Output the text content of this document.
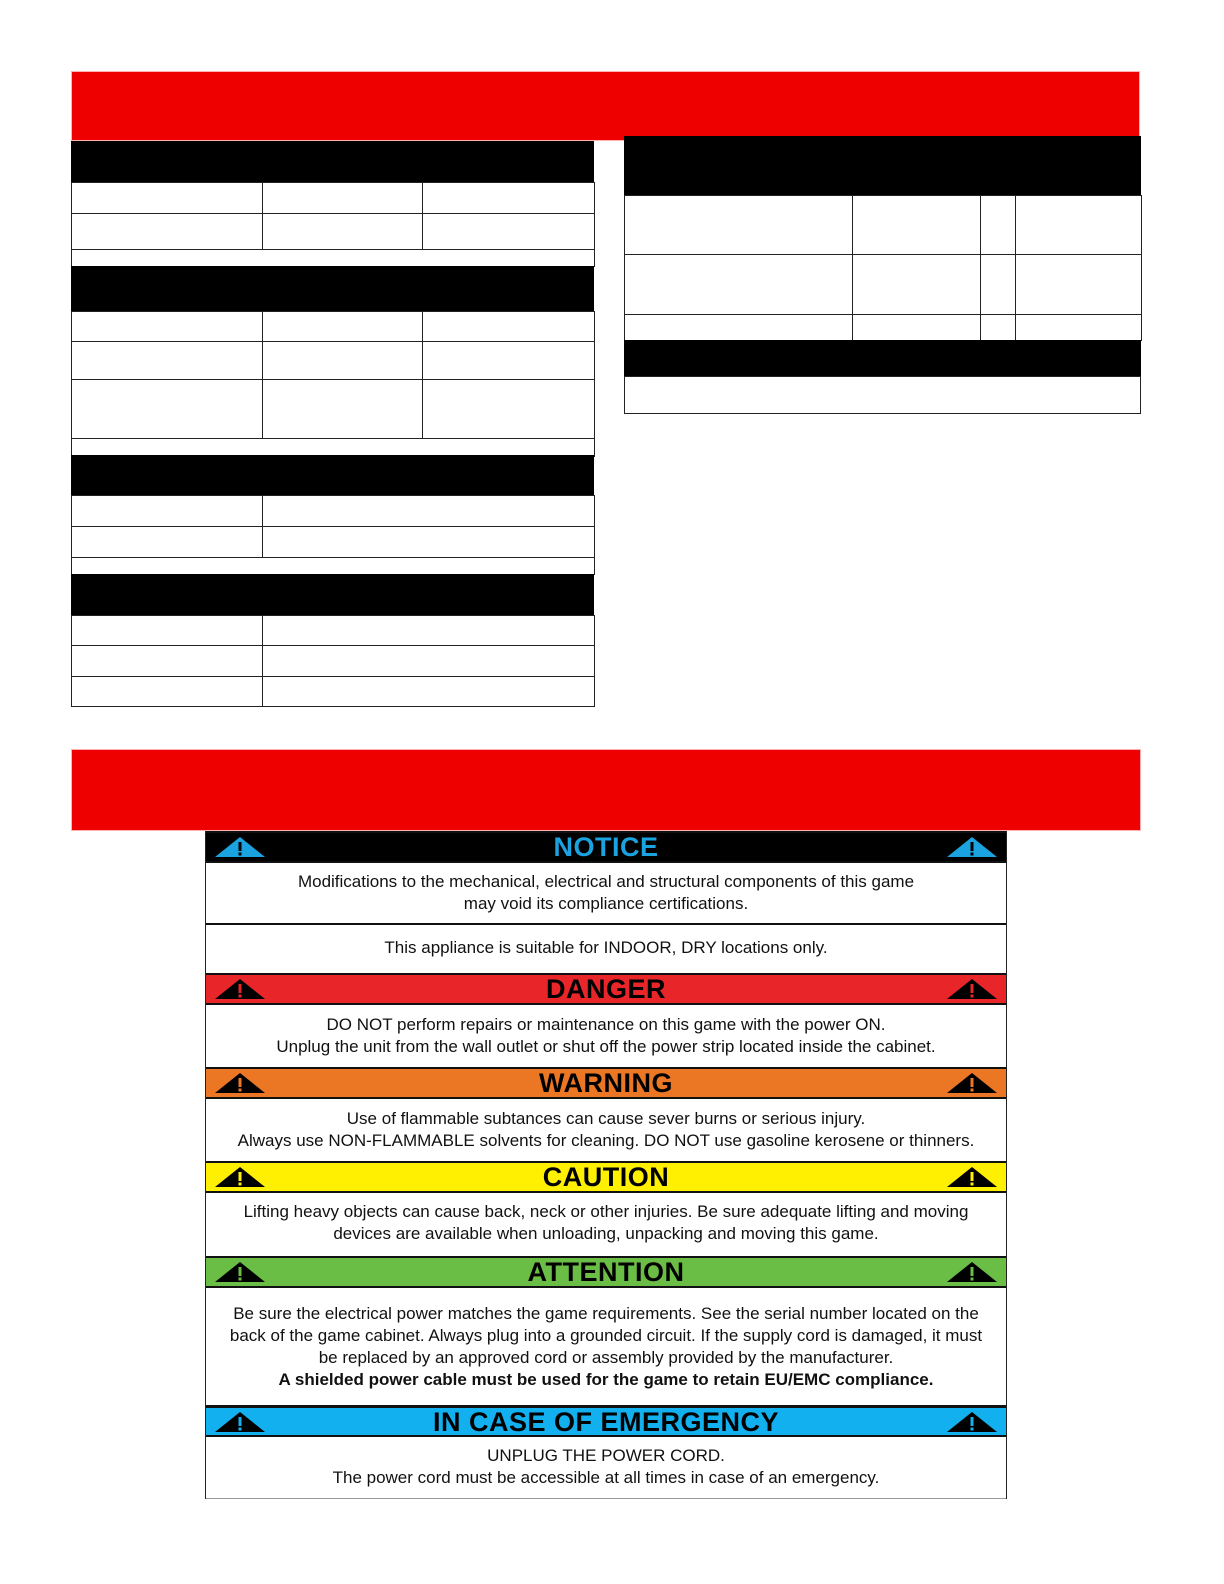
NOTICE
Modifications to the mechanical, electrical and structural components of this game
may void its compliance certifications.
This appliance is suitable for INDOOR, DRY locations only.
DANGER
DO NOT perform repairs or maintenance on this game with the power ON.
Unplug the unit from the wall outlet or shut off the power strip located inside the cabinet.
WARNING
Use of flammable subtances can cause sever burns or serious injury.
Always use NON-FLAMMABLE solvents for cleaning. DO NOT use gasoline kerosene or thinners.
CAUTION
Lifting heavy objects can cause back, neck or other injuries. Be sure adequate lifting and moving
devices are available when unloading, unpacking and moving this game.
ATTENTION
Be sure the electrical power matches the game requirements. See the serial number located on the
back of the game cabinet. Always plug into a grounded circuit. If the supply cord is damaged, it must
be replaced by an approved cord or assembly provided by the manufacturer.
A shielded power cable must be used for the game to retain EU/EMC compliance.
IN CASE OF EMERGENCY
UNPLUG THE POWER CORD.
The power cord must be accessible at all times in case of an emergency.
